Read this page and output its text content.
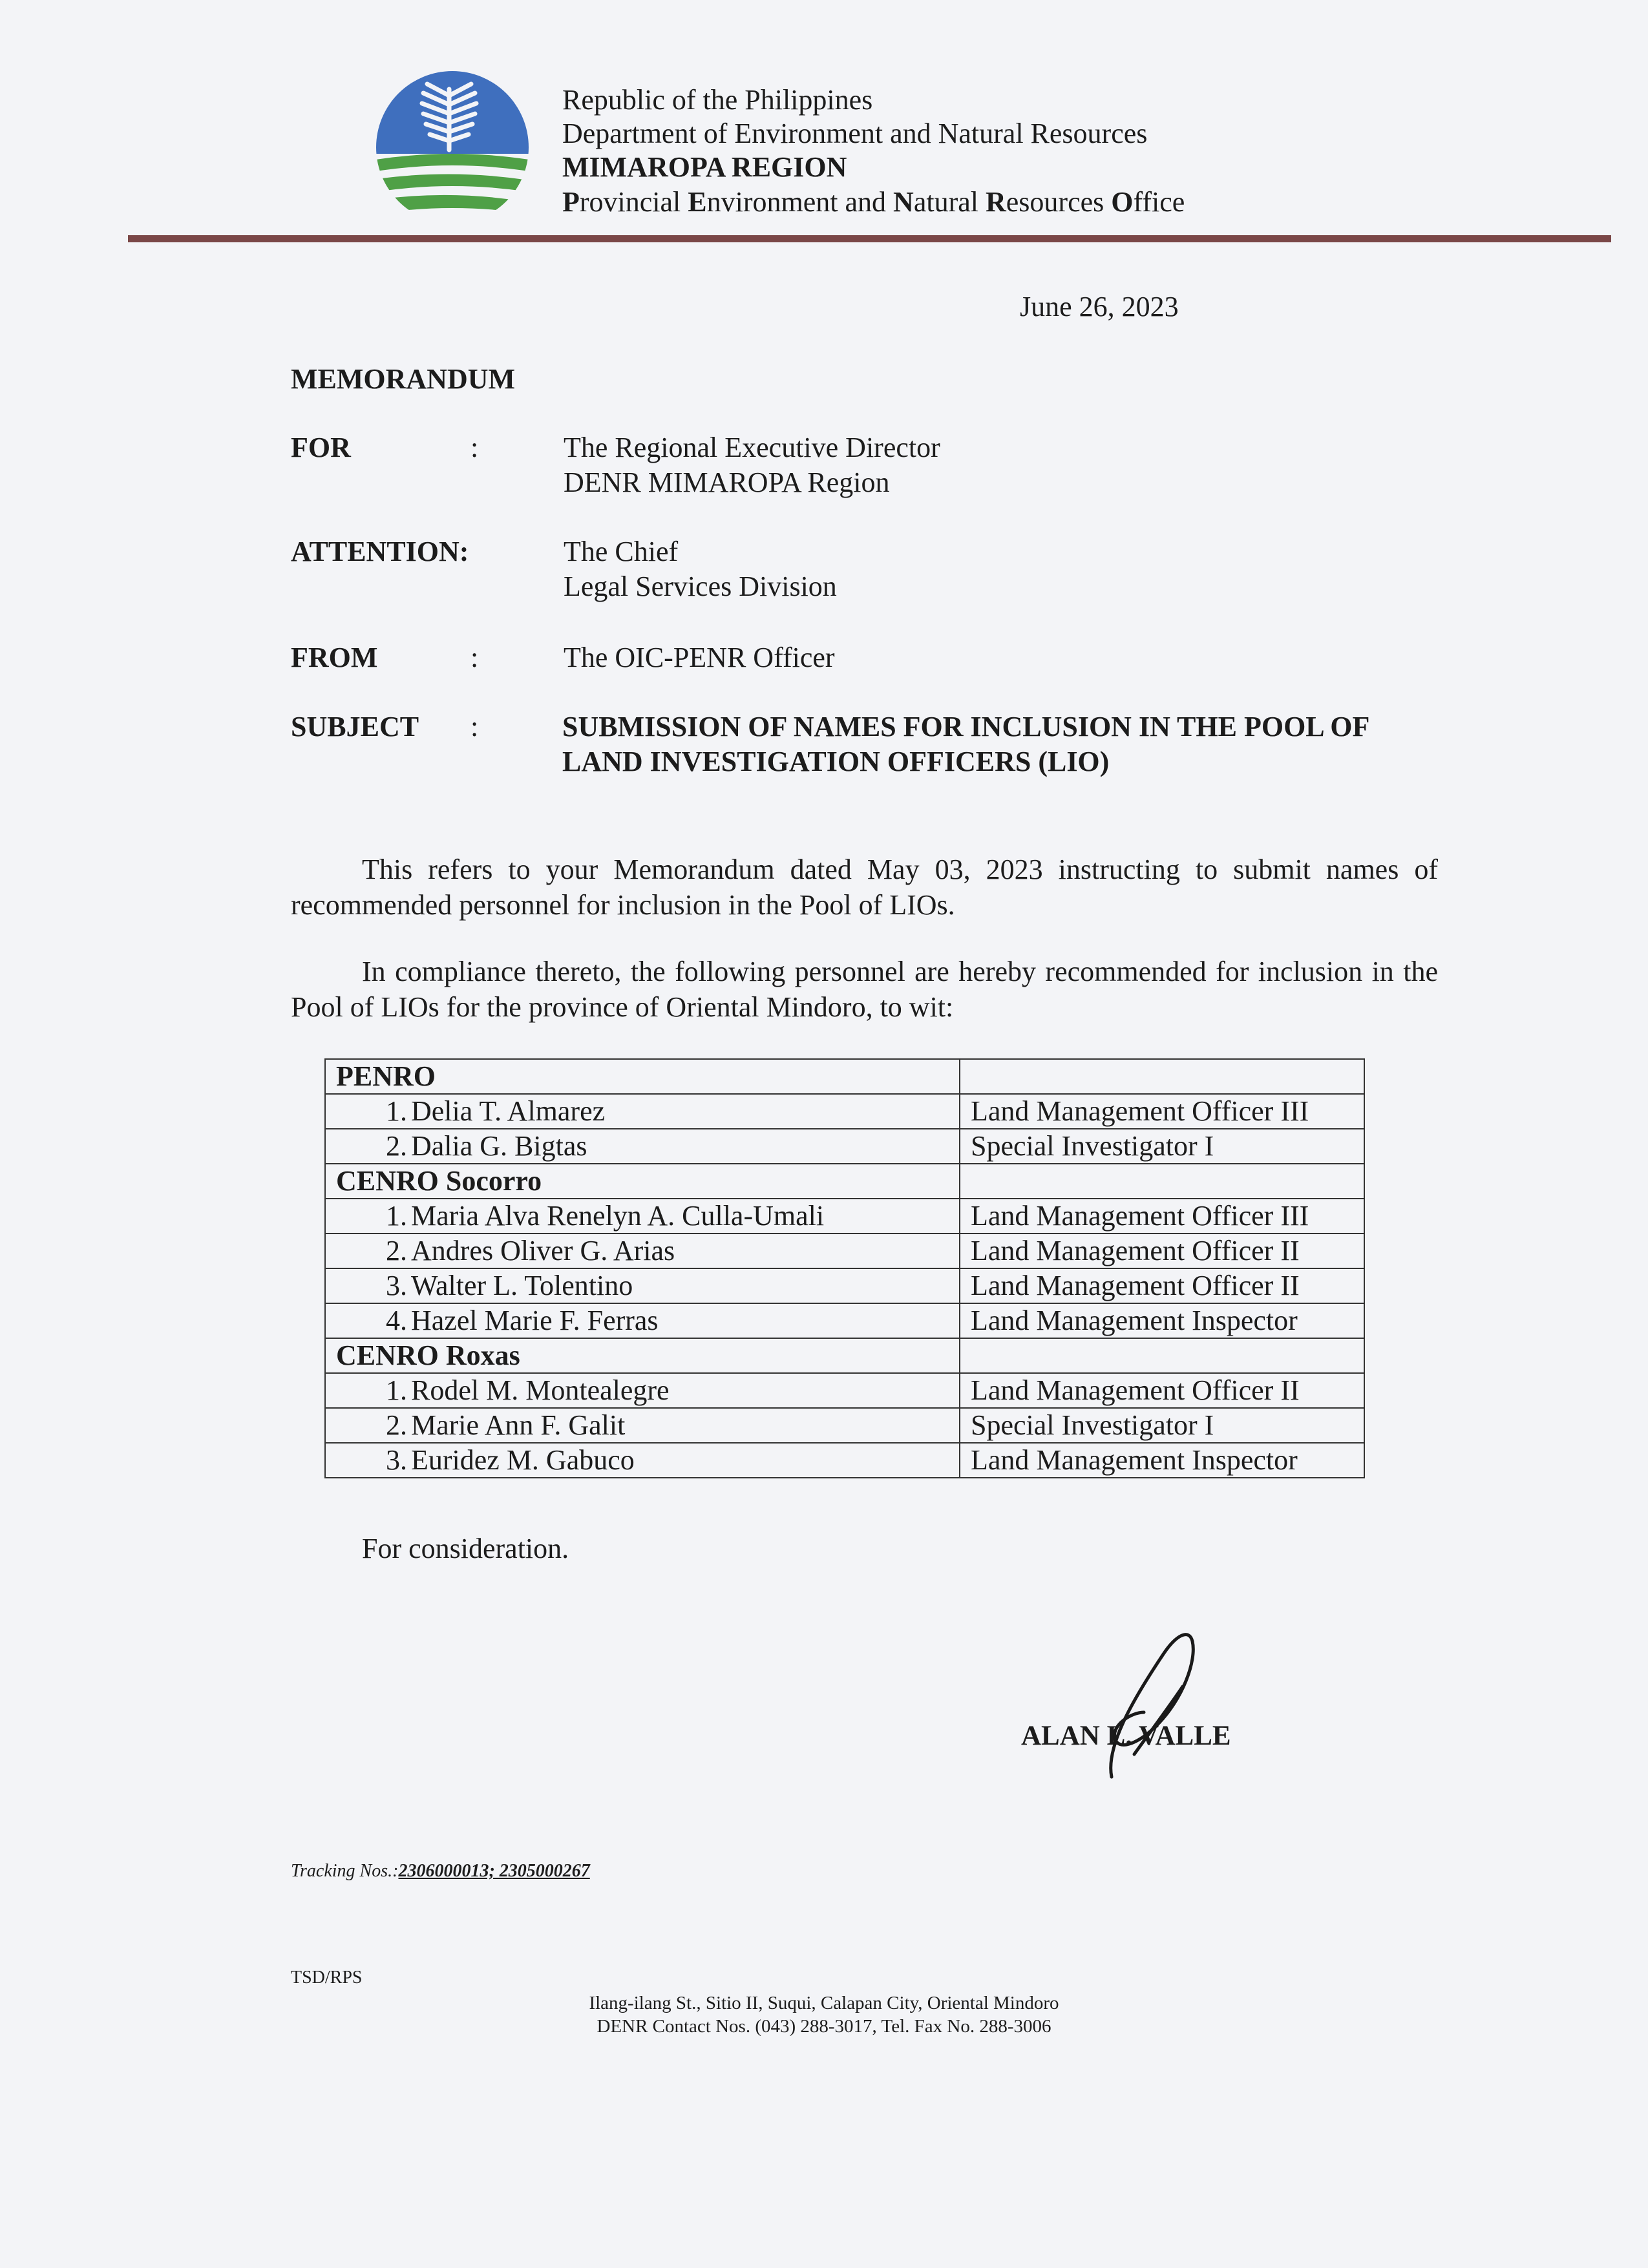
Republic of the Philippines
Department of Environment and Natural Resources
MIMAROPA REGION
Provincial Environment and Natural Resources Office
June 26, 2023
MEMORANDUM
FOR	:	The Regional Executive Director
DENR MIMAROPA Region
ATTENTION:	The Chief
Legal Services Division
FROM	:	The OIC-PENR Officer
SUBJECT :	SUBMISSION OF NAMES FOR INCLUSION IN THE POOL OF
LAND INVESTIGATION OFFICERS (LIO)
This refers to your Memorandum dated May 03, 2023 instructing to submit names of recommended personnel for inclusion in the Pool of LIOs.
In compliance thereto, the following personnel are hereby recommended for inclusion in the Pool of LIOs for the province of Oriental Mindoro, to wit:
PENRO	
1. Delia T. Almarez	Land Management Officer III
2. Dalia G. Bigtas	Special Investigator I
CENRO Socorro	
1. Maria Alva Renelyn A. Culla-Umali	Land Management Officer III
2. Andres Oliver G. Arias	Land Management Officer II
3. Walter L. Tolentino	Land Management Officer II
4. Hazel Marie F. Ferras	Land Management Inspector
CENRO Roxas	
1. Rodel M. Montealegre	Land Management Officer II
2. Marie Ann F. Galit	Special Investigator I
3. Euridez M. Gabuco	Land Management Inspector
For consideration.
ALAN L. VALLE
Tracking Nos.:2306000013; 2305000267
TSD/RPS
Ilang-ilang St., Sitio II, Suqui, Calapan City, Oriental Mindoro
DENR Contact Nos. (043) 288-3017, Tel. Fax No. 288-3006
